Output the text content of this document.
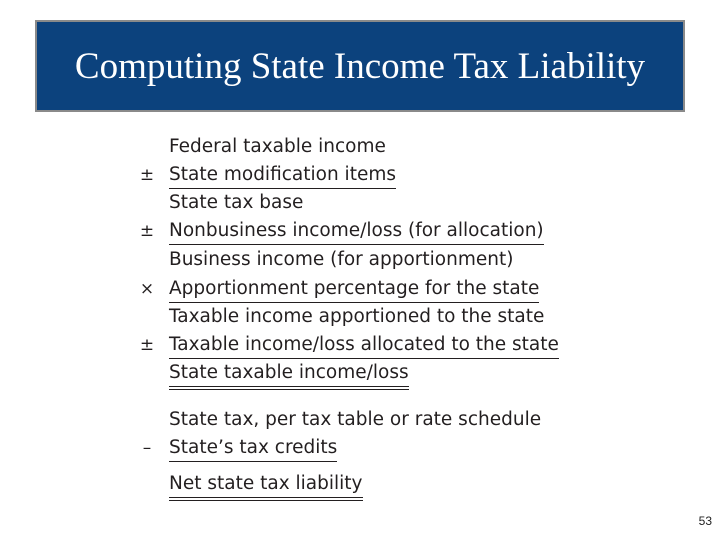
Computing State Income Tax Liability
Federal taxable income
± State modification items
State tax base
± Nonbusiness income/loss (for allocation)
Business income (for apportionment)
× Apportionment percentage for the state
Taxable income apportioned to the state
± Taxable income/loss allocated to the state
State taxable income/loss
State tax, per tax table or rate schedule
– State’s tax credits
Net state tax liability
53
